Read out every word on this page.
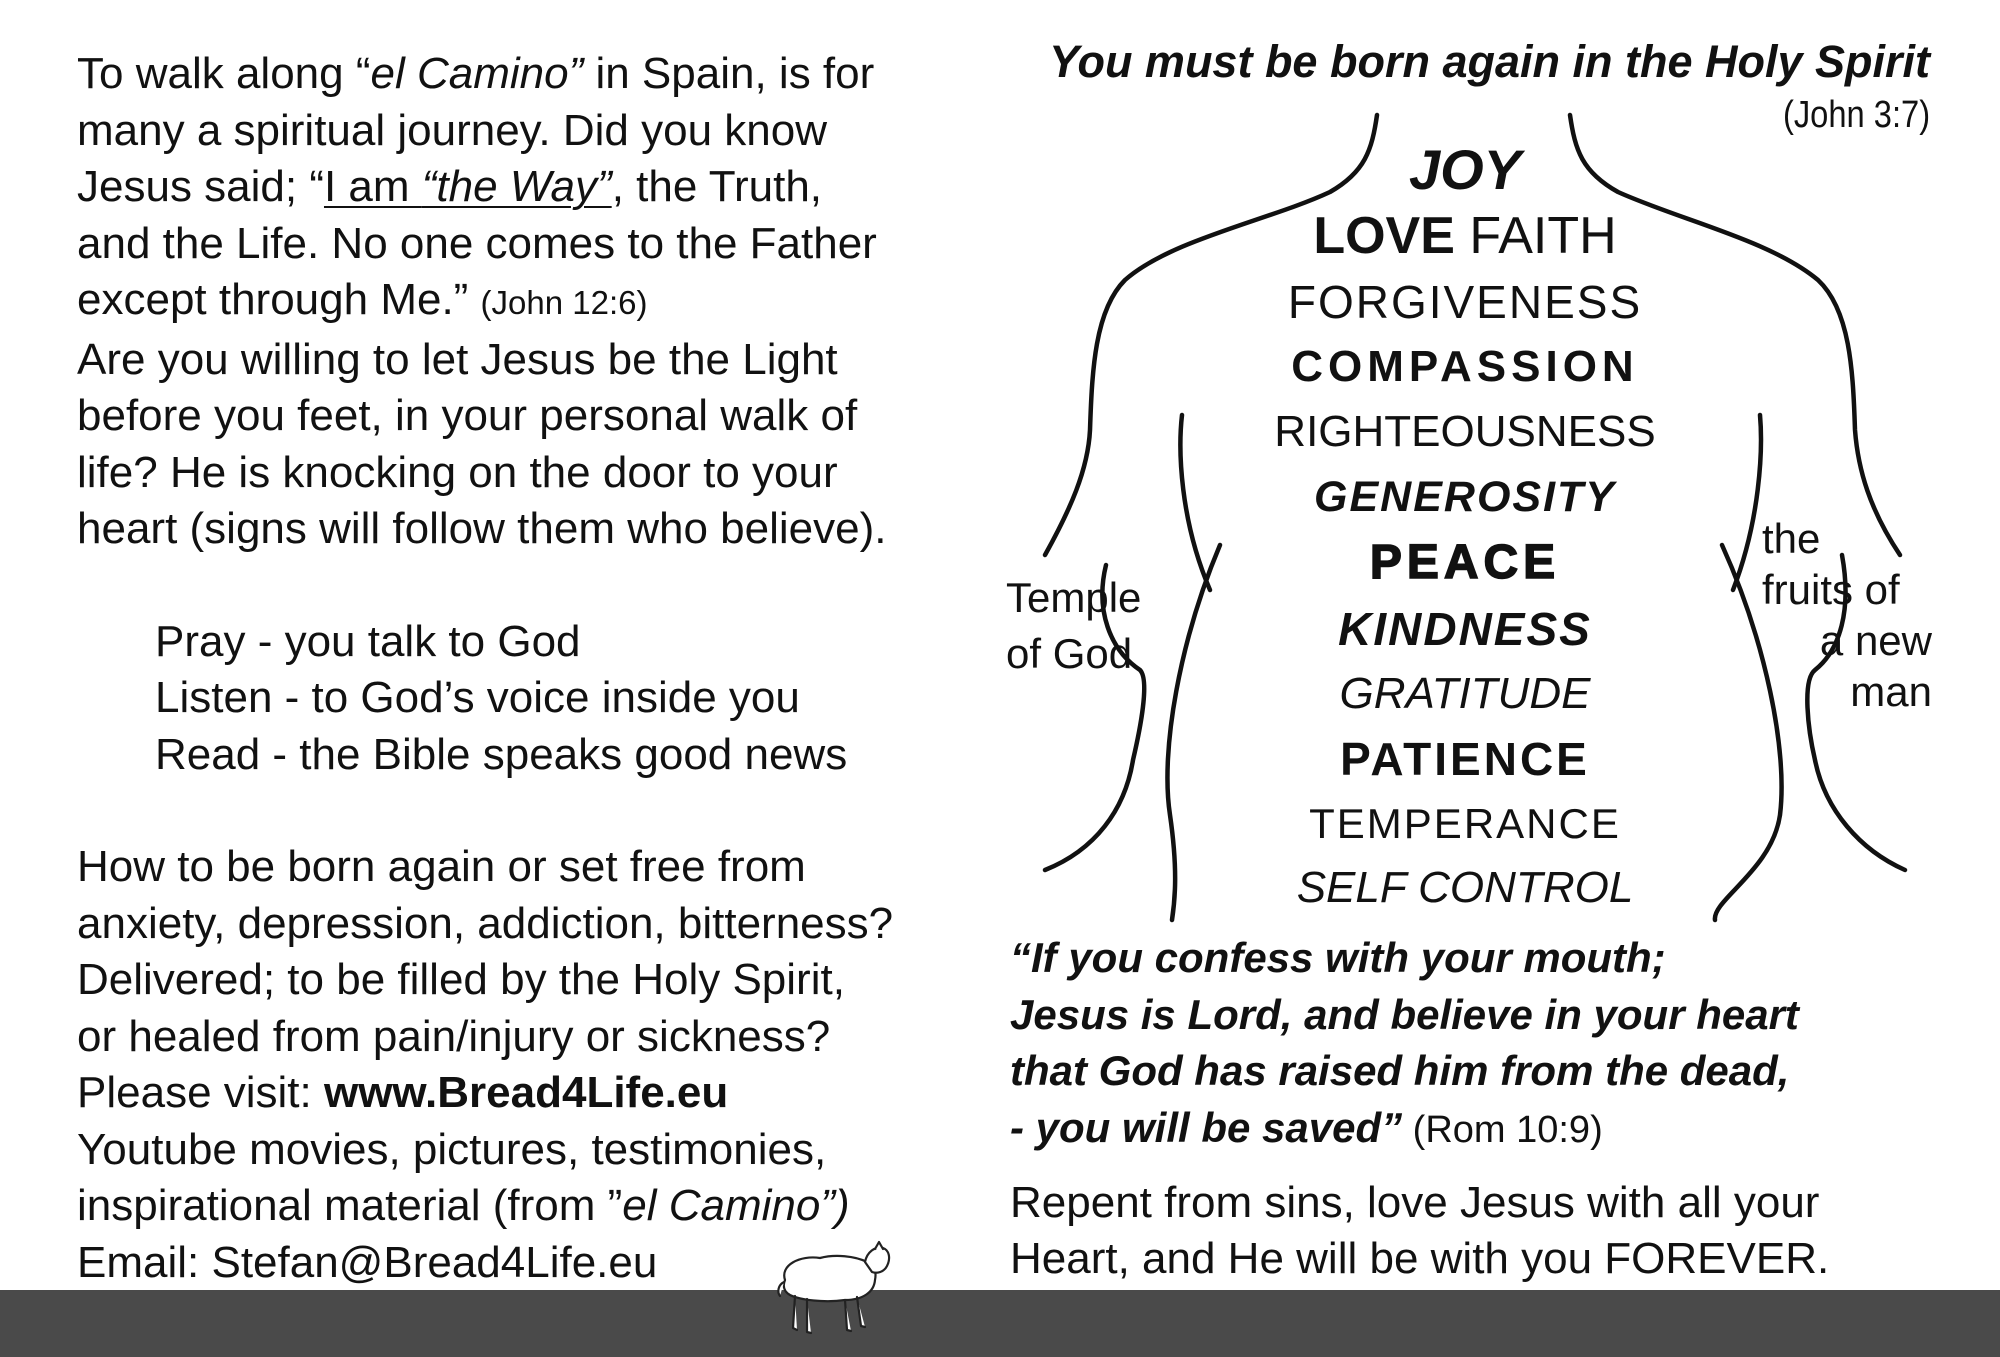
To walk along “el Camino” in Spain, is for
many a spiritual journey. Did you know
Jesus said; “I am “the Way”, the Truth,
and the Life. No one comes to the Father
except through Me.” (John 12:6)
Are you willing to let Jesus be the Light
before you feet, in your personal walk of
life? He is knocking on the door to your
heart (signs will follow them who believe).
Pray - you talk to God
Listen - to God’s voice inside you
Read - the Bible speaks good news
How to be born again or set free from
anxiety, depression, addiction, bitterness?
Delivered; to be filled by the Holy Spirit,
or healed from pain/injury or sickness?
Please visit: www.Bread4Life.eu
Youtube movies, pictures, testimonies,
inspirational material (from ”el Camino”)
Email: Stefan@Bread4Life.eu
You must be born again in the Holy Spirit
(John 3:7)
JOY
LOVE FAITH
FORGIVENESS
COMPASSION
RIGHTEOUSNESS
GENEROSITY
PEACE
KINDNESS
GRATITUDE
PATIENCE
TEMPERANCE
SELF CONTROL
Temple
of God
the
fruits of
a new
man
“If you confess with your mouth;
Jesus is Lord, and believe in your heart
that God has raised him from the dead,
- you will be saved” (Rom 10:9)
Repent from sins, love Jesus with all your
Heart, and He will be with you FOREVER.
